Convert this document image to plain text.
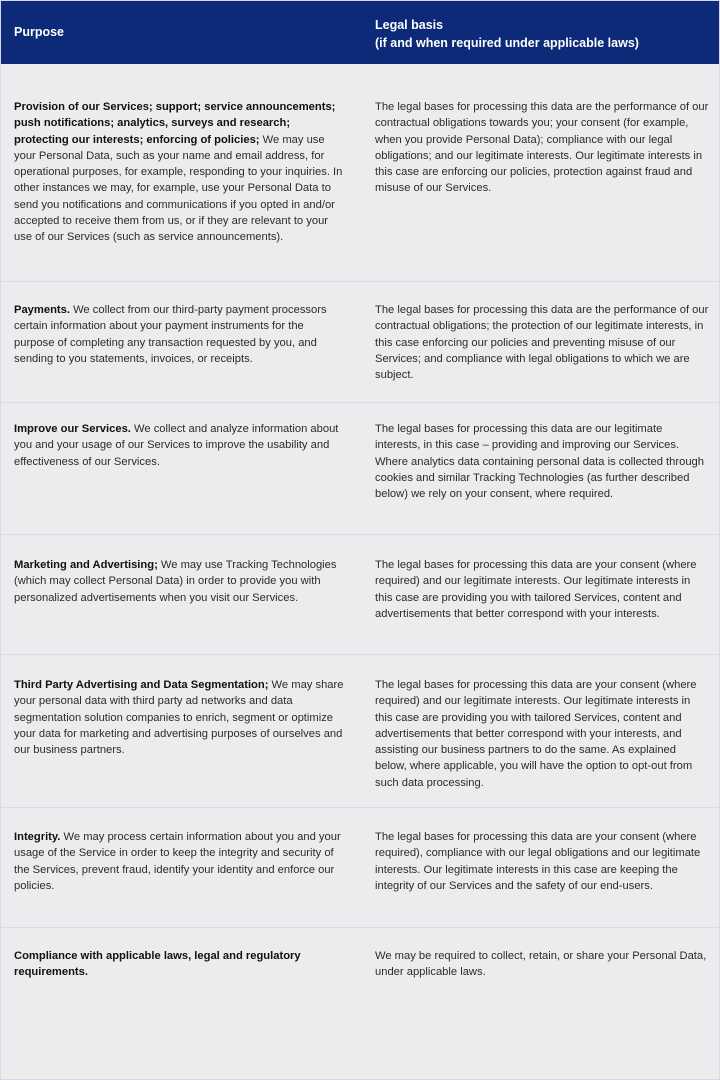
Purpose	Legal basis
(if and when required under applicable laws)
Provision of our Services; support; service announcements; push notifications; analytics, surveys and research; protecting our interests; enforcing of policies; We may use your Personal Data, such as your name and email address, for operational purposes, for example, responding to your inquiries. In other instances we may, for example, use your Personal Data to send you notifications and communications if you opted in and/or accepted to receive them from us, or if they are relevant to your use of our Services (such as service announcements).
The legal bases for processing this data are the performance of our contractual obligations towards you; your consent (for example, when you provide Personal Data); compliance with our legal obligations; and our legitimate interests. Our legitimate interests in this case are enforcing our policies, protection against fraud and misuse of our Services.
Payments. We collect from our third-party payment processors certain information about your payment instruments for the purpose of completing any transaction requested by you, and sending to you statements, invoices, or receipts.
The legal bases for processing this data are the performance of our contractual obligations; the protection of our legitimate interests, in this case enforcing our policies and preventing misuse of our Services; and compliance with legal obligations to which we are subject.
Improve our Services. We collect and analyze information about you and your usage of our Services to improve the usability and effectiveness of our Services.
The legal bases for processing this data are our legitimate interests, in this case – providing and improving our Services. Where analytics data containing personal data is collected through cookies and similar Tracking Technologies (as further described below) we rely on your consent, where required.
Marketing and Advertising; We may use Tracking Technologies (which may collect Personal Data) in order to provide you with personalized advertisements when you visit our Services.
The legal bases for processing this data are your consent (where required) and our legitimate interests. Our legitimate interests in this case are providing you with tailored Services, content and advertisements that better correspond with your interests.
Third Party Advertising and Data Segmentation; We may share your personal data with third party ad networks and data segmentation solution companies to enrich, segment or optimize your data for marketing and advertising purposes of ourselves and our business partners.
The legal bases for processing this data are your consent (where required) and our legitimate interests. Our legitimate interests in this case are providing you with tailored Services, content and advertisements that better correspond with your interests, and assisting our business partners to do the same. As explained below, where applicable, you will have the option to opt-out from such data processing.
Integrity. We may process certain information about you and your usage of the Service in order to keep the integrity and security of the Services, prevent fraud, identify your identity and enforce our policies.
The legal bases for processing this data are your consent (where required), compliance with our legal obligations and our legitimate interests. Our legitimate interests in this case are keeping the integrity of our Services and the safety of our end-users.
Compliance with applicable laws, legal and regulatory requirements.
We may be required to collect, retain, or share your Personal Data, under applicable laws.
